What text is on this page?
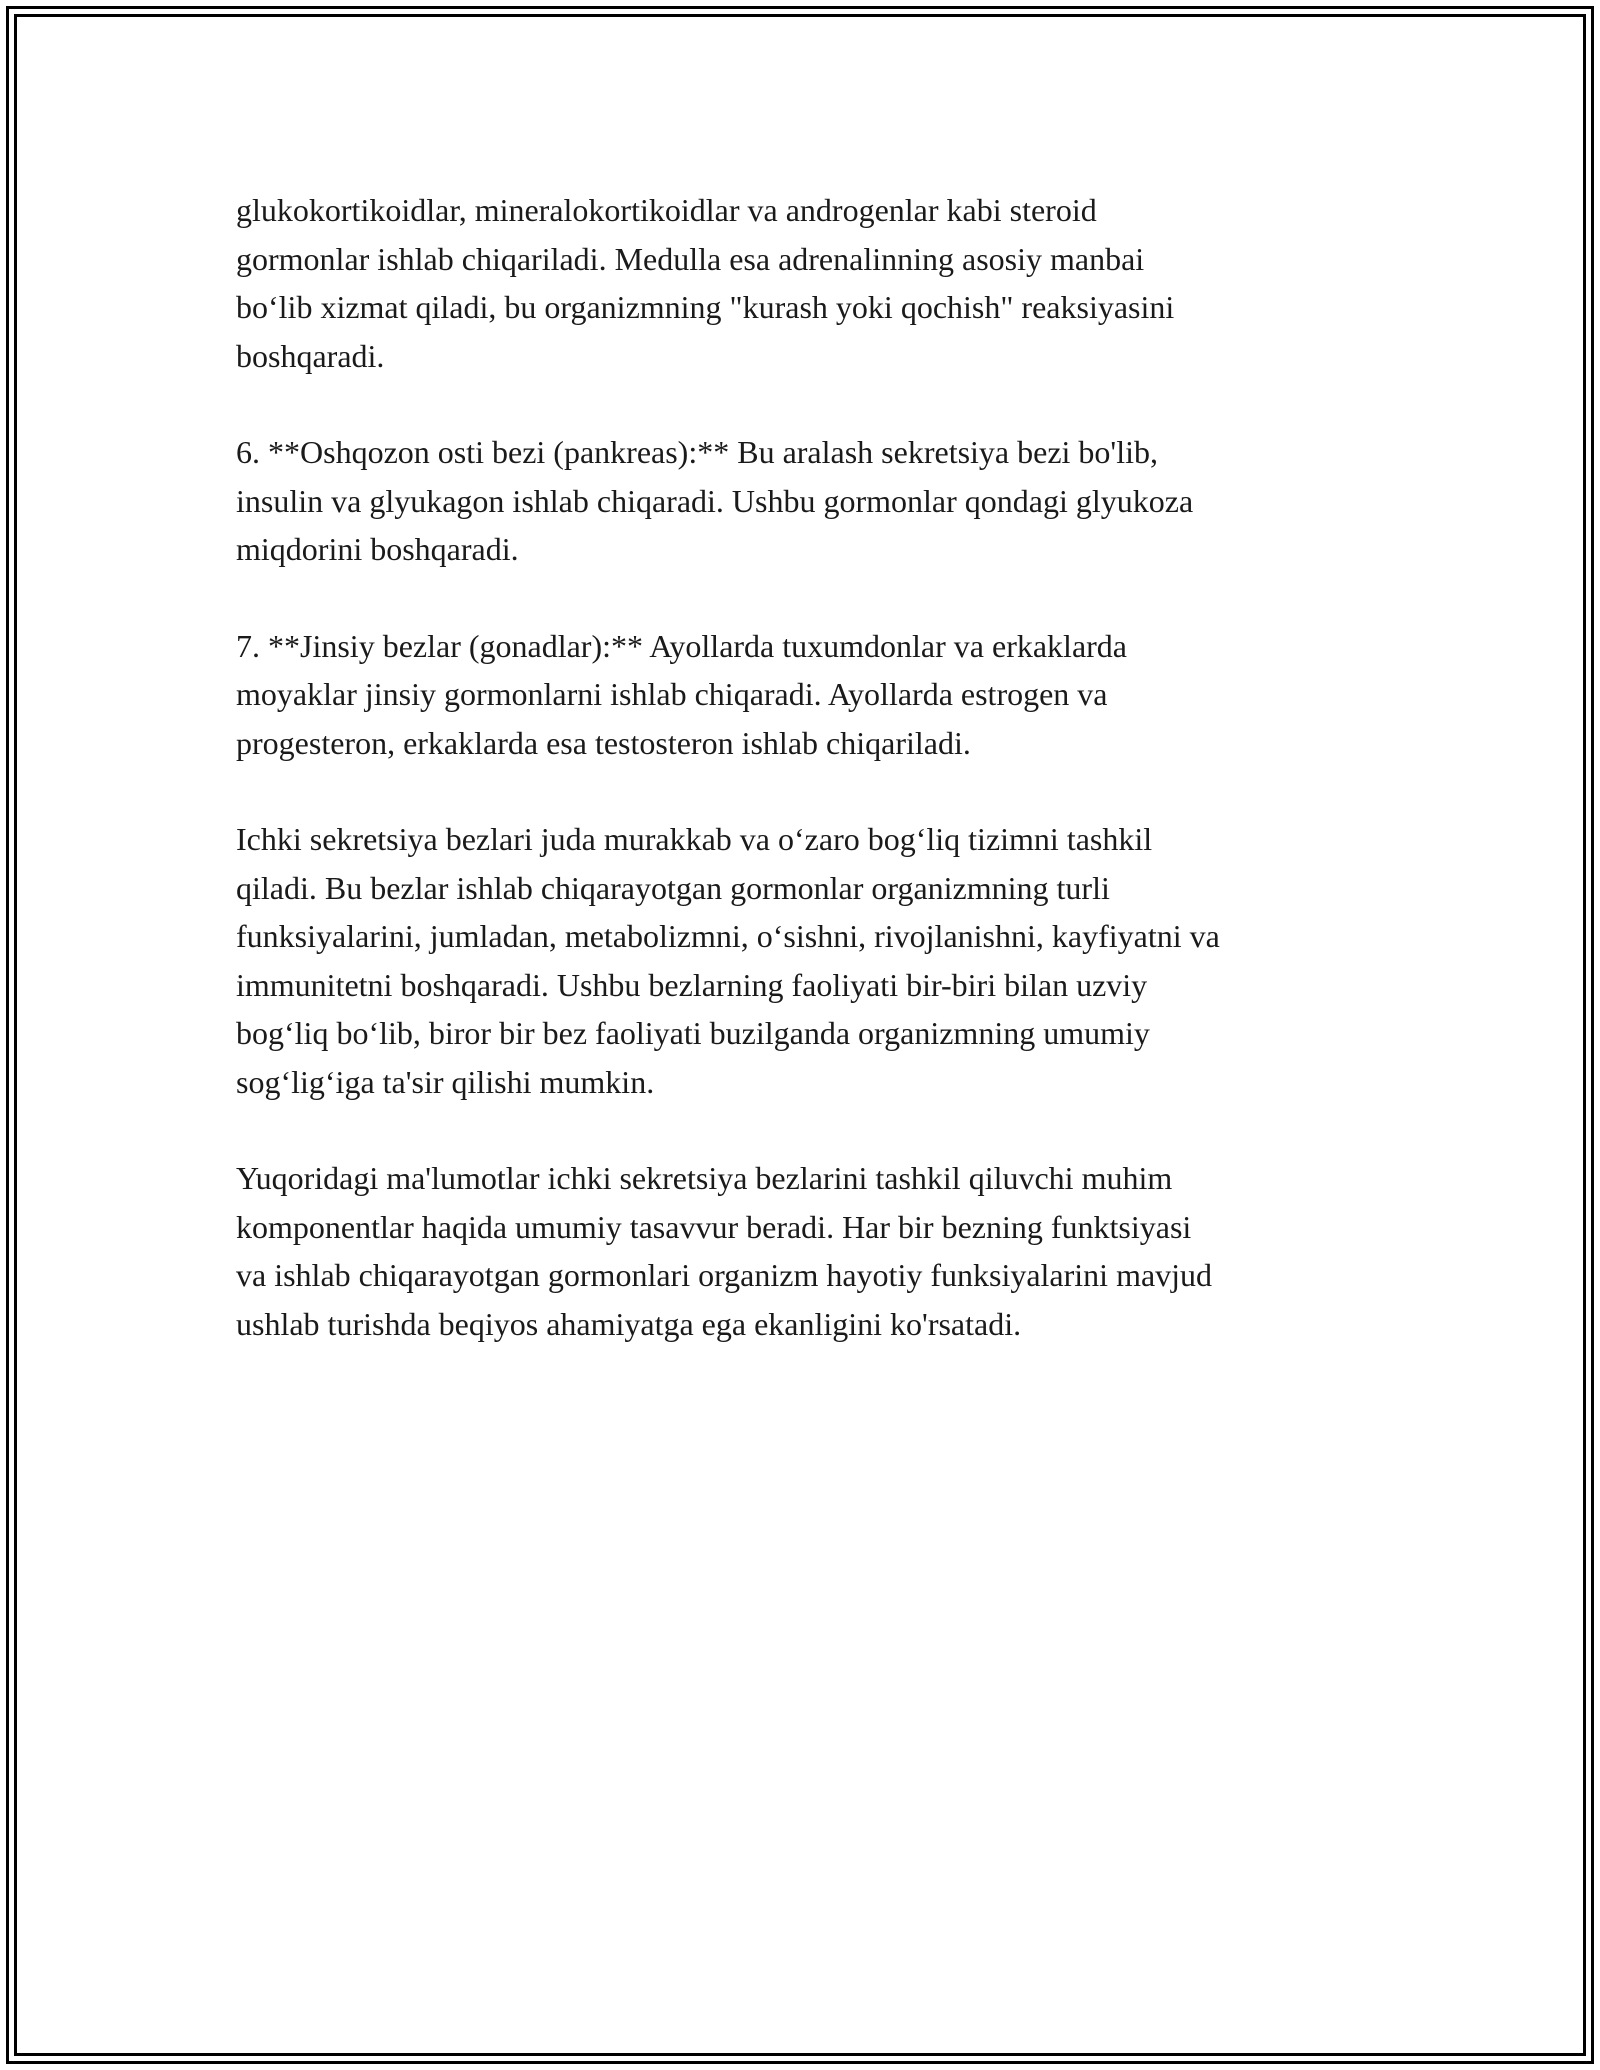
glukokortikoidlar, mineralokortikoidlar va androgenlar kabi steroid
gormonlar ishlab chiqariladi. Medulla esa adrenalinning asosiy manbai
bo‘lib xizmat qiladi, bu organizmning "kurash yoki qochish" reaksiyasini
boshqaradi.

6. **Oshqozon osti bezi (pankreas):** Bu aralash sekretsiya bezi bo'lib,
insulin va glyukagon ishlab chiqaradi. Ushbu gormonlar qondagi glyukoza
miqdorini boshqaradi.

7. **Jinsiy bezlar (gonadlar):** Ayollarda tuxumdonlar va erkaklarda
moyaklar jinsiy gormonlarni ishlab chiqaradi. Ayollarda estrogen va
progesteron, erkaklarda esa testosteron ishlab chiqariladi.

Ichki sekretsiya bezlari juda murakkab va o‘zaro bog‘liq tizimni tashkil
qiladi. Bu bezlar ishlab chiqarayotgan gormonlar organizmning turli
funksiyalarini, jumladan, metabolizmni, o‘sishni, rivojlanishni, kayfiyatni va
immunitetni boshqaradi. Ushbu bezlarning faoliyati bir-biri bilan uzviy
bog‘liq bo‘lib, biror bir bez faoliyati buzilganda organizmning umumiy
sog‘lig‘iga ta'sir qilishi mumkin.

Yuqoridagi ma'lumotlar ichki sekretsiya bezlarini tashkil qiluvchi muhim
komponentlar haqida umumiy tasavvur beradi. Har bir bezning funktsiyasi
va ishlab chiqarayotgan gormonlari organizm hayotiy funksiyalarini mavjud
ushlab turishda beqiyos ahamiyatga ega ekanligini ko'rsatadi.
